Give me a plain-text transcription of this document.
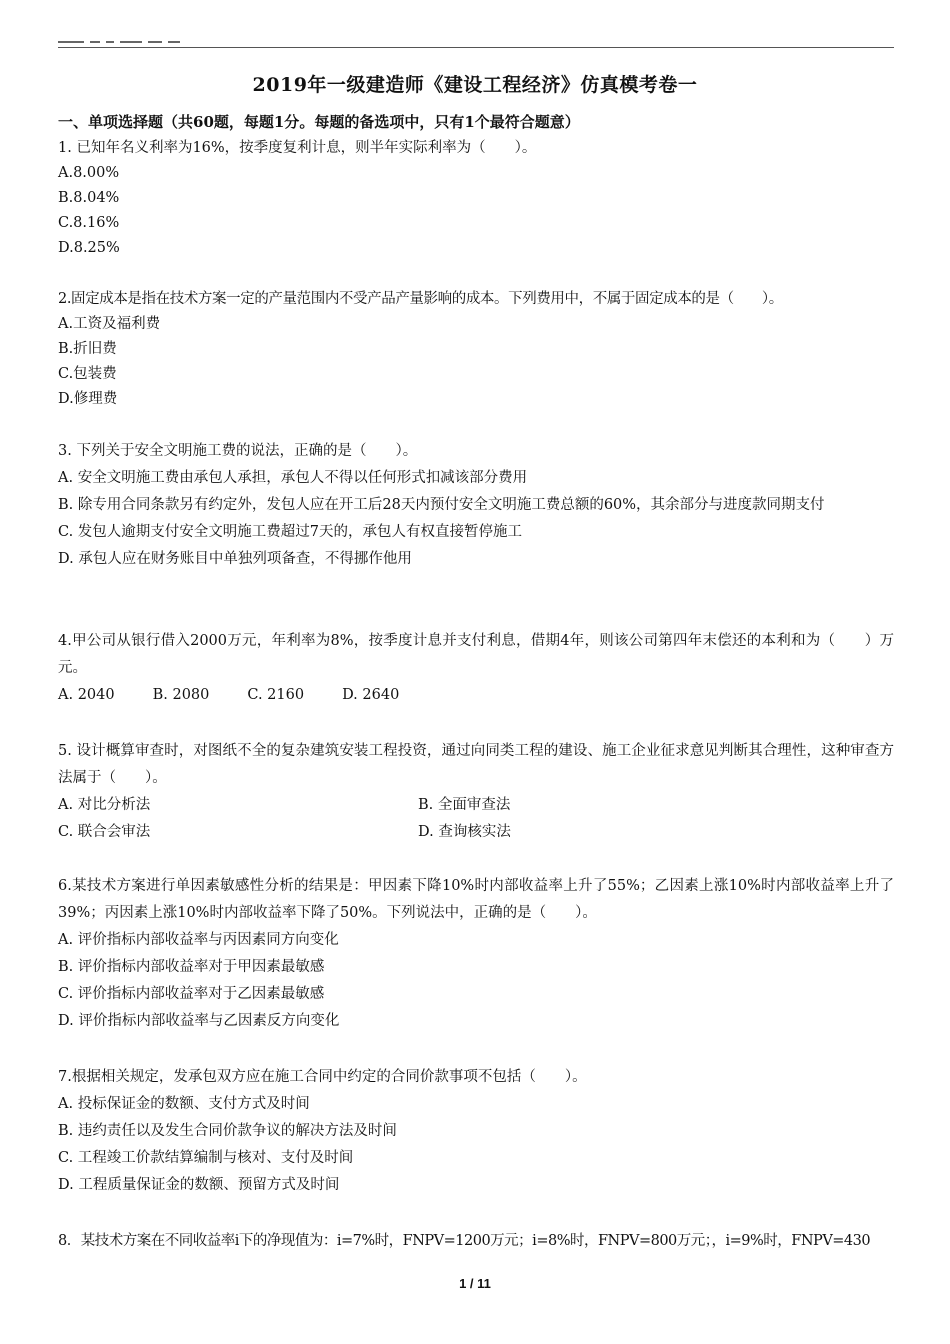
2019年一级建造师《建设工程经济》仿真模考卷一
一、单项选择题（共60题，每题1分。每题的备选项中，只有1个最符合题意）
1. 已知年名义利率为16%，按季度复利计息，则半年实际利率为（　　）。
A.8.00%
B.8.04%
C.8.16%
D.8.25%
2.固定成本是指在技术方案一定的产量范围内不受产品产量影响的成本。下列费用中，不属于固定成本的是（　　）。
A.工资及福利费
B.折旧费
C.包装费
D.修理费
3. 下列关于安全文明施工费的说法，正确的是（　　）。
A. 安全文明施工费由承包人承担，承包人不得以任何形式扣减该部分费用
B. 除专用合同条款另有约定外，发包人应在开工后28天内预付安全文明施工费总额的60%，其余部分与进度款同期支付
C. 发包人逾期支付安全文明施工费超过7天的，承包人有权直接暂停施工
D. 承包人应在财务账目中单独列项备查，不得挪作他用
4.甲公司从银行借入2000万元，年利率为8%，按季度计息并支付利息，借期4年，则该公司第四年末偿还的本利和为（　　）万元。
A. 2040	B. 2080	C. 2160	D. 2640
5. 设计概算审查时，对图纸不全的复杂建筑安装工程投资，通过向同类工程的建设、施工企业征求意见判断其合理性，这种审查方法属于（　　）。
A. 对比分析法	B. 全面审查法
C. 联合会审法	D. 查询核实法
6.某技术方案进行单因素敏感性分析的结果是：甲因素下降10%时内部收益率上升了55%；乙因素上涨10%时内部收益率上升了39%；丙因素上涨10%时内部收益率下降了50%。下列说法中，正确的是（　　）。
A. 评价指标内部收益率与丙因素同方向变化
B. 评价指标内部收益率对于甲因素最敏感
C. 评价指标内部收益率对于乙因素最敏感
D. 评价指标内部收益率与乙因素反方向变化
7.根据相关规定，发承包双方应在施工合同中约定的合同价款事项不包括（　　）。
A. 投标保证金的数额、支付方式及时间
B. 违约责任以及发生合同价款争议的解决方法及时间
C. 工程竣工价款结算编制与核对、支付及时间
D. 工程质量保证金的数额、预留方式及时间
8．某技术方案在不同收益率i下的净现值为：i=7%时，FNPV=1200万元；i=8%时，FNPV=800万元；，i=9%时，FNPV=430
1 / 11
